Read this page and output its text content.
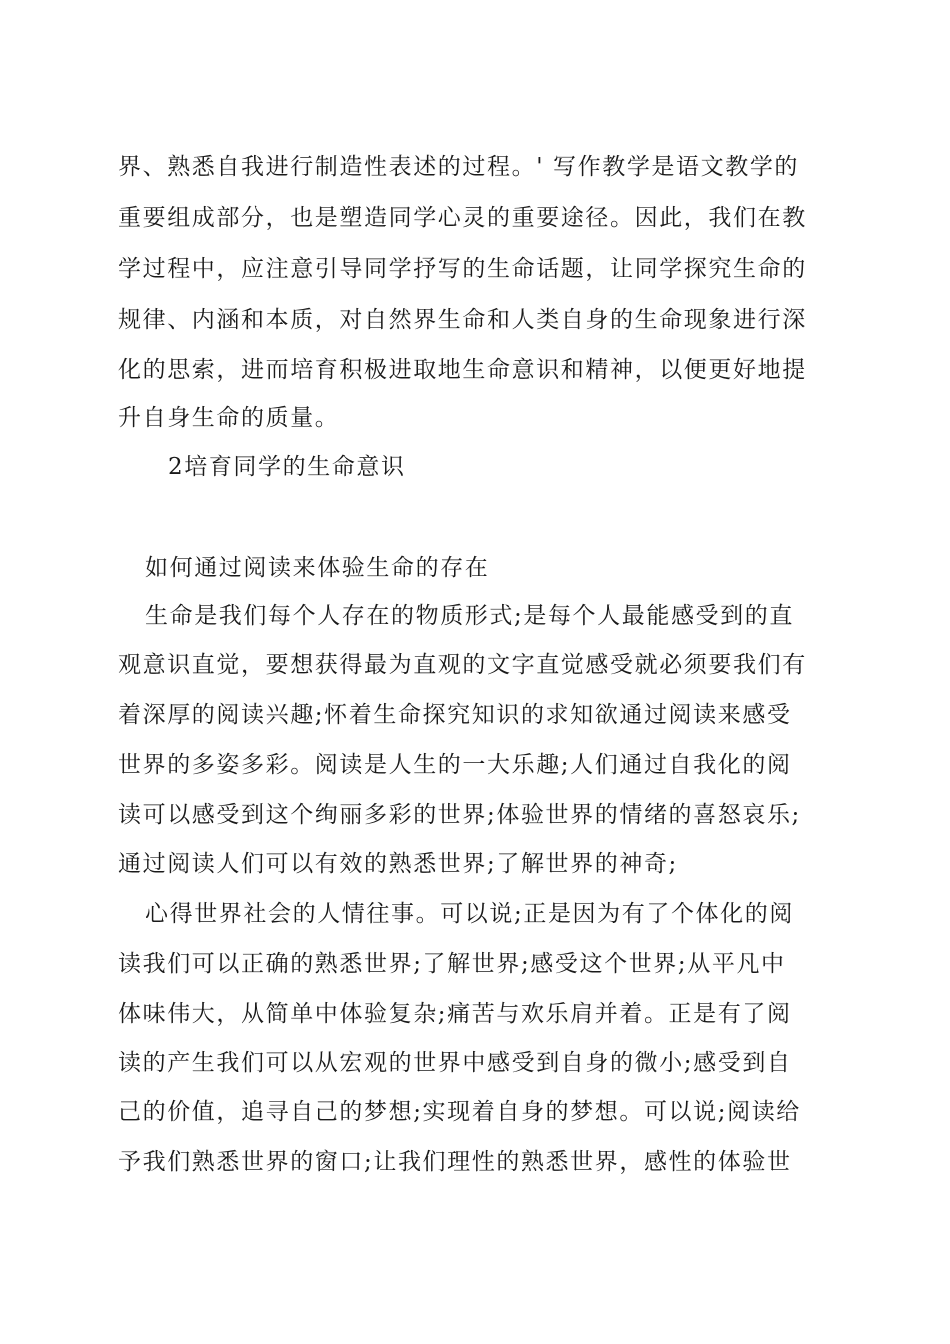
界、熟悉自我进行制造性表述的过程。' 写作教学是语文教学的
重要组成部分，也是塑造同学心灵的重要途径。因此，我们在教
学过程中，应注意引导同学抒写的生命话题，让同学探究生命的
规律、内涵和本质，对自然界生命和人类自身的生命现象进行深
化的思索，进而培育积极进取地生命意识和精神，以便更好地提
升自身生命的质量。
2培育同学的生命意识
如何通过阅读来体验生命的存在
生命是我们每个人存在的物质形式;是每个人最能感受到的直
观意识直觉，要想获得最为直观的文字直觉感受就必须要我们有
着深厚的阅读兴趣;怀着生命探究知识的求知欲通过阅读来感受
世界的多姿多彩。阅读是人生的一大乐趣;人们通过自我化的阅
读可以感受到这个绚丽多彩的世界;体验世界的情绪的喜怒哀乐;
通过阅读人们可以有效的熟悉世界;了解世界的神奇;
心得世界社会的人情往事。可以说;正是因为有了个体化的阅
读我们可以正确的熟悉世界;了解世界;感受这个世界;从平凡中
体味伟大，从简单中体验复杂;痛苦与欢乐肩并着。正是有了阅
读的产生我们可以从宏观的世界中感受到自身的微小;感受到自
己的价值，追寻自己的梦想;实现着自身的梦想。可以说;阅读给
予我们熟悉世界的窗口;让我们理性的熟悉世界，感性的体验世
